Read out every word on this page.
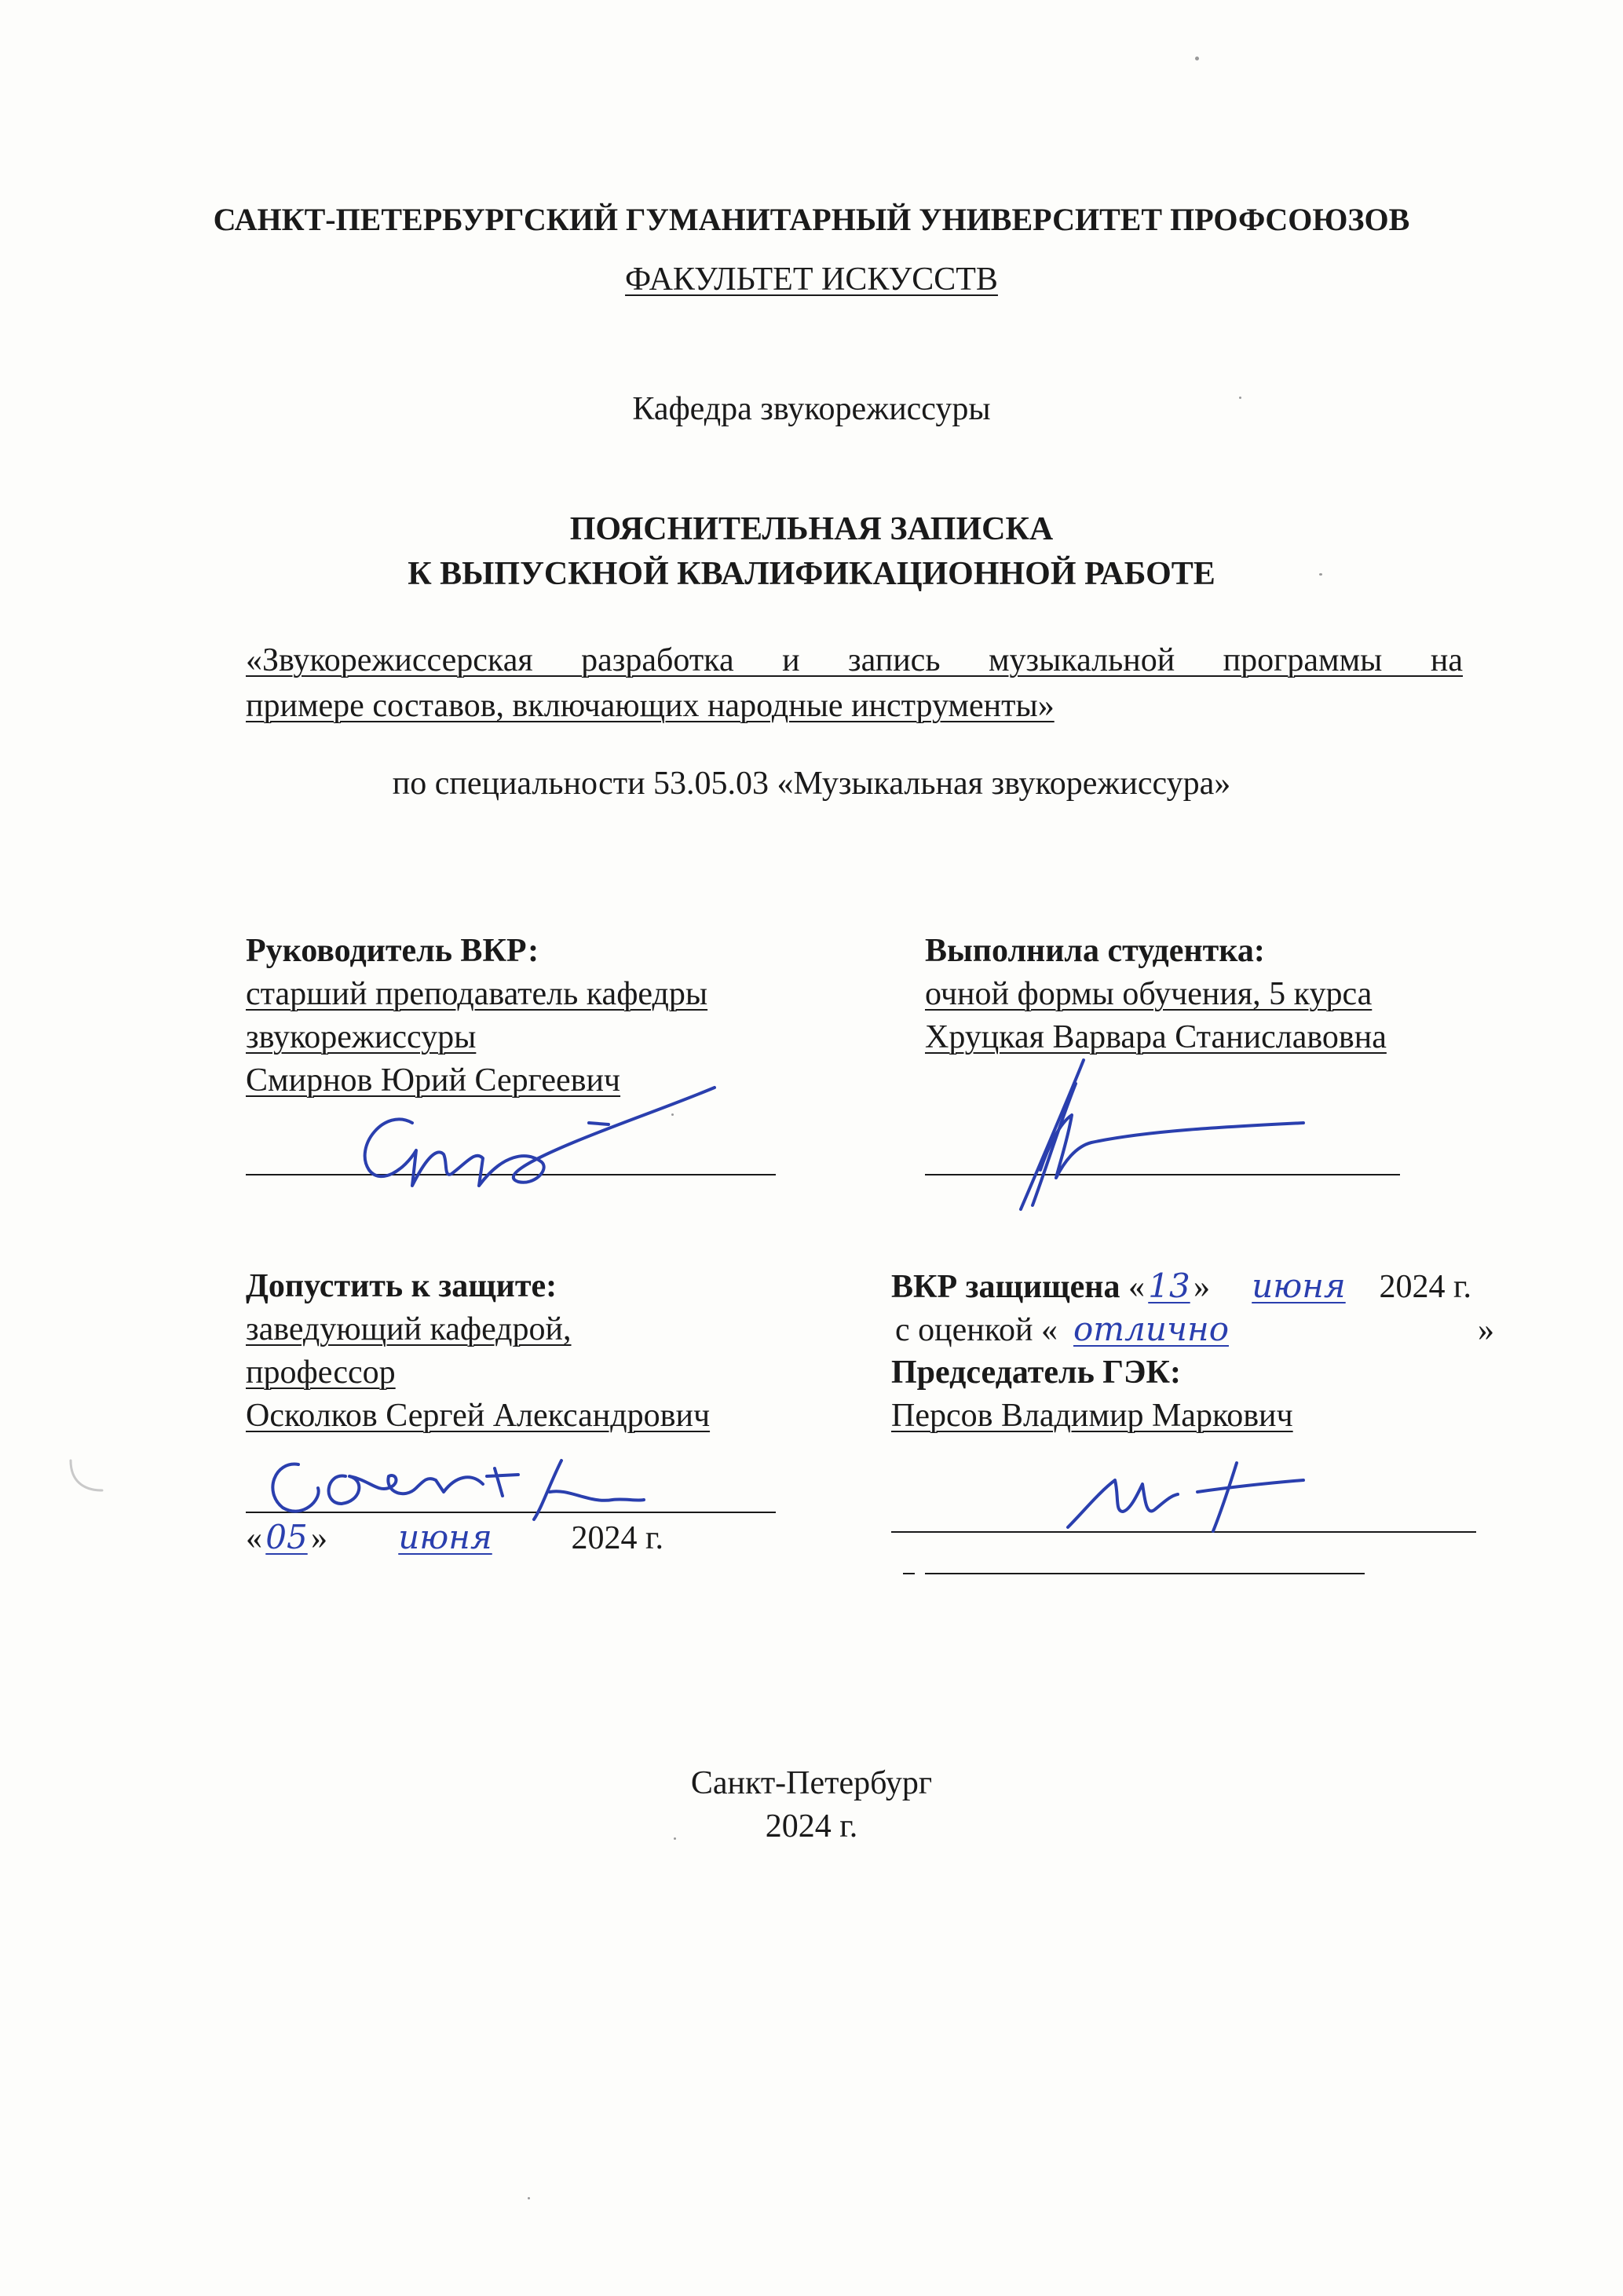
САНКТ-ПЕТЕРБУРГСКИЙ ГУМАНИТАРНЫЙ УНИВЕРСИТЕТ ПРОФСОЮЗОВ
ФАКУЛЬТЕТ ИСКУССТВ
Кафедра звукорежиссуры
ПОЯСНИТЕЛЬНАЯ ЗАПИСКА
К ВЫПУСКНОЙ КВАЛИФИКАЦИОННОЙ РАБОТЕ
«Звукорежиссерская разработка и запись музыкальной программы на
примере составов, включающих народные инструменты»
по специальности 53.05.03 «Музыкальная звукорежиссура»
Руководитель ВКР:
старший преподаватель кафедры
звукорежиссуры
Смирнов Юрий Сергеевич
Выполнила студентка:
очной формы обучения, 5 курса
Хруцкая Варвара Станиславовна
Допустить к защите:
заведующий кафедрой,
профессор
Осколков Сергей Александрович
« 05 » июня 2024 г.
ВКР защищена « 13 » июня 2024 г.
с оценкой « отлично	»
Председатель ГЭК:
Персов Владимир Маркович
Санкт-Петербург
2024 г.
